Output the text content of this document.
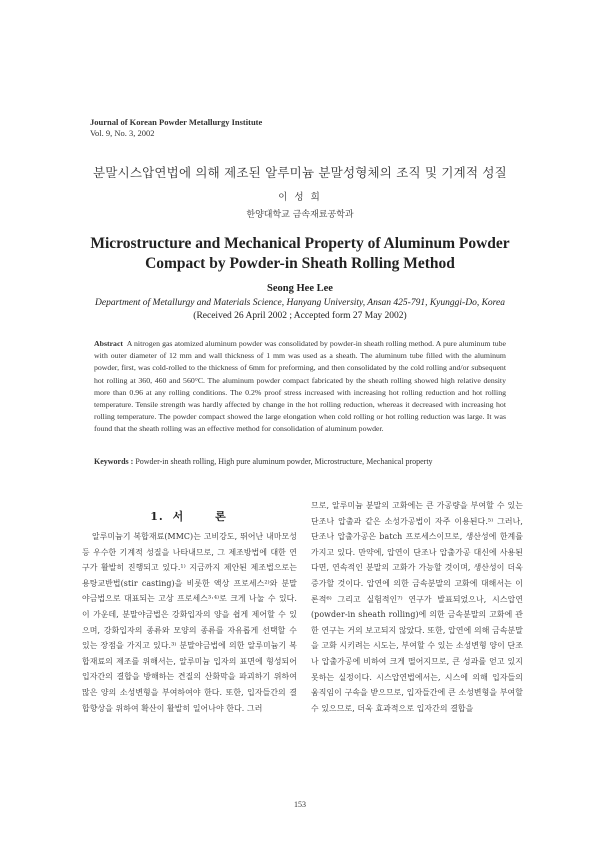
Journal of Korean Powder Metallurgy Institute
Vol. 9, No. 3, 2002
분말시스압연법에 의해 제조된 알루미늄 분말성형체의 조직 및 기계적 성질
이 성 희
한양대학교 금속재료공학과
Microstructure and Mechanical Property of Aluminum Powder
Compact by Powder-in Sheath Rolling Method
Seong Hee Lee
Department of Metallurgy and Materials Science, Hanyang University, Ansan 425-791, Kyunggi-Do, Korea
(Received 26 April 2002 ; Accepted form 27 May 2002)
Abstract A nitrogen gas atomized aluminum powder was consolidated by powder-in sheath rolling method. A pure aluminum tube with outer diameter of 12 mm and wall thickness of 1 mm was used as a sheath. The aluminum tube filled with the aluminum powder, first, was cold-rolled to the thickness of 6mm for preforming, and then consolidated by the cold rolling and/or subsequent hot rolling at 360, 460 and 560°C. The aluminum powder compact fabricated by the sheath rolling showed high relative density more than 0.96 at any rolling conditions. The 0.2% proof stress increased with increasing hot rolling reduction and hot rolling temperature. Tensile strength was hardly affected by change in the hot rolling reduction, whereas it decreased with increasing hot rolling temperature. The powder compact showed the large elongation when cold rolling or hot rolling reduction was large. It was found that the sheath rolling was an effective method for consolidation of aluminum powder.
Keywords : Powder-in sheath rolling, High pure aluminum powder, Microstructure, Mechanical property
1. 서 론
알루미늄기 복합재료(MMC)는 고비강도, 뛰어난 내마모성등 우수한 기계적 성질을 나타내므로, 그 제조방법에 대한 연구가 활발히 진행되고 있다.¹⁾ 지금까지 제안된 제조법으로는 용탕교반법(stir casting)을 비롯한 액상 프로세스²⁾와 분말야금법으로 대표되는 고상 프로세스³·⁴⁾로 크게 나눌 수 있다. 이 가운데, 분말야금법은 강화입자의 양을 쉽게 제어할 수 있으며, 강화입자의 종류와 모양의 종류를 자유롭게 선택할 수 있는 장점을 가지고 있다.³⁾ 분말야금법에 의한 알루미늄기 복합재료의 제조를 위해서는, 알루미늄 입자의 표면에 형성되어 입자간의 결합을 방해하는 견질의 산화막을 파괴하기 위하여 많은 양의 소성변형을 부여하여야 한다. 또한, 입자들간의 결합향상을 위하여 확산이 활발히 일어나야 한다. 그러
므로, 알루미늄 분말의 고화에는 큰 가공량을 부여할 수 있는 단조나 압출과 같은 소성가공법이 자주 이용된다.⁵⁾ 그러나, 단조나 압출가공은 batch 프로세스이므로, 생산성에 한계를 가지고 있다. 만약에, 압연이 단조나 압출가공 대신에 사용된다면, 연속적인 분말의 고화가 가능할 것이며, 생산성이 더욱 증가할 것이다. 압연에 의한 금속분말의 고화에 대해서는 이론적⁶⁾ 그리고 실험적인⁷⁾ 연구가 발표되었으나, 시스압연(powder-in sheath rolling)에 의한 금속분말의 고화에 관한 연구는 거의 보고되지 않았다. 또한, 압연에 의해 금속분말을 고화 시키려는 시도는, 부여할 수 있는 소성변형 양이 단조나 압출가공에 비하여 크게 떨어지므로, 큰 성과를 얻고 있지 못하는 실정이다. 시스압연법에서는, 시스에 의해 입자들의 움직임이 구속을 받으므로, 입자들간에 큰 소성변형을 부여할 수 있으므로, 더욱 효과적으로 입자간의 결합을
153
